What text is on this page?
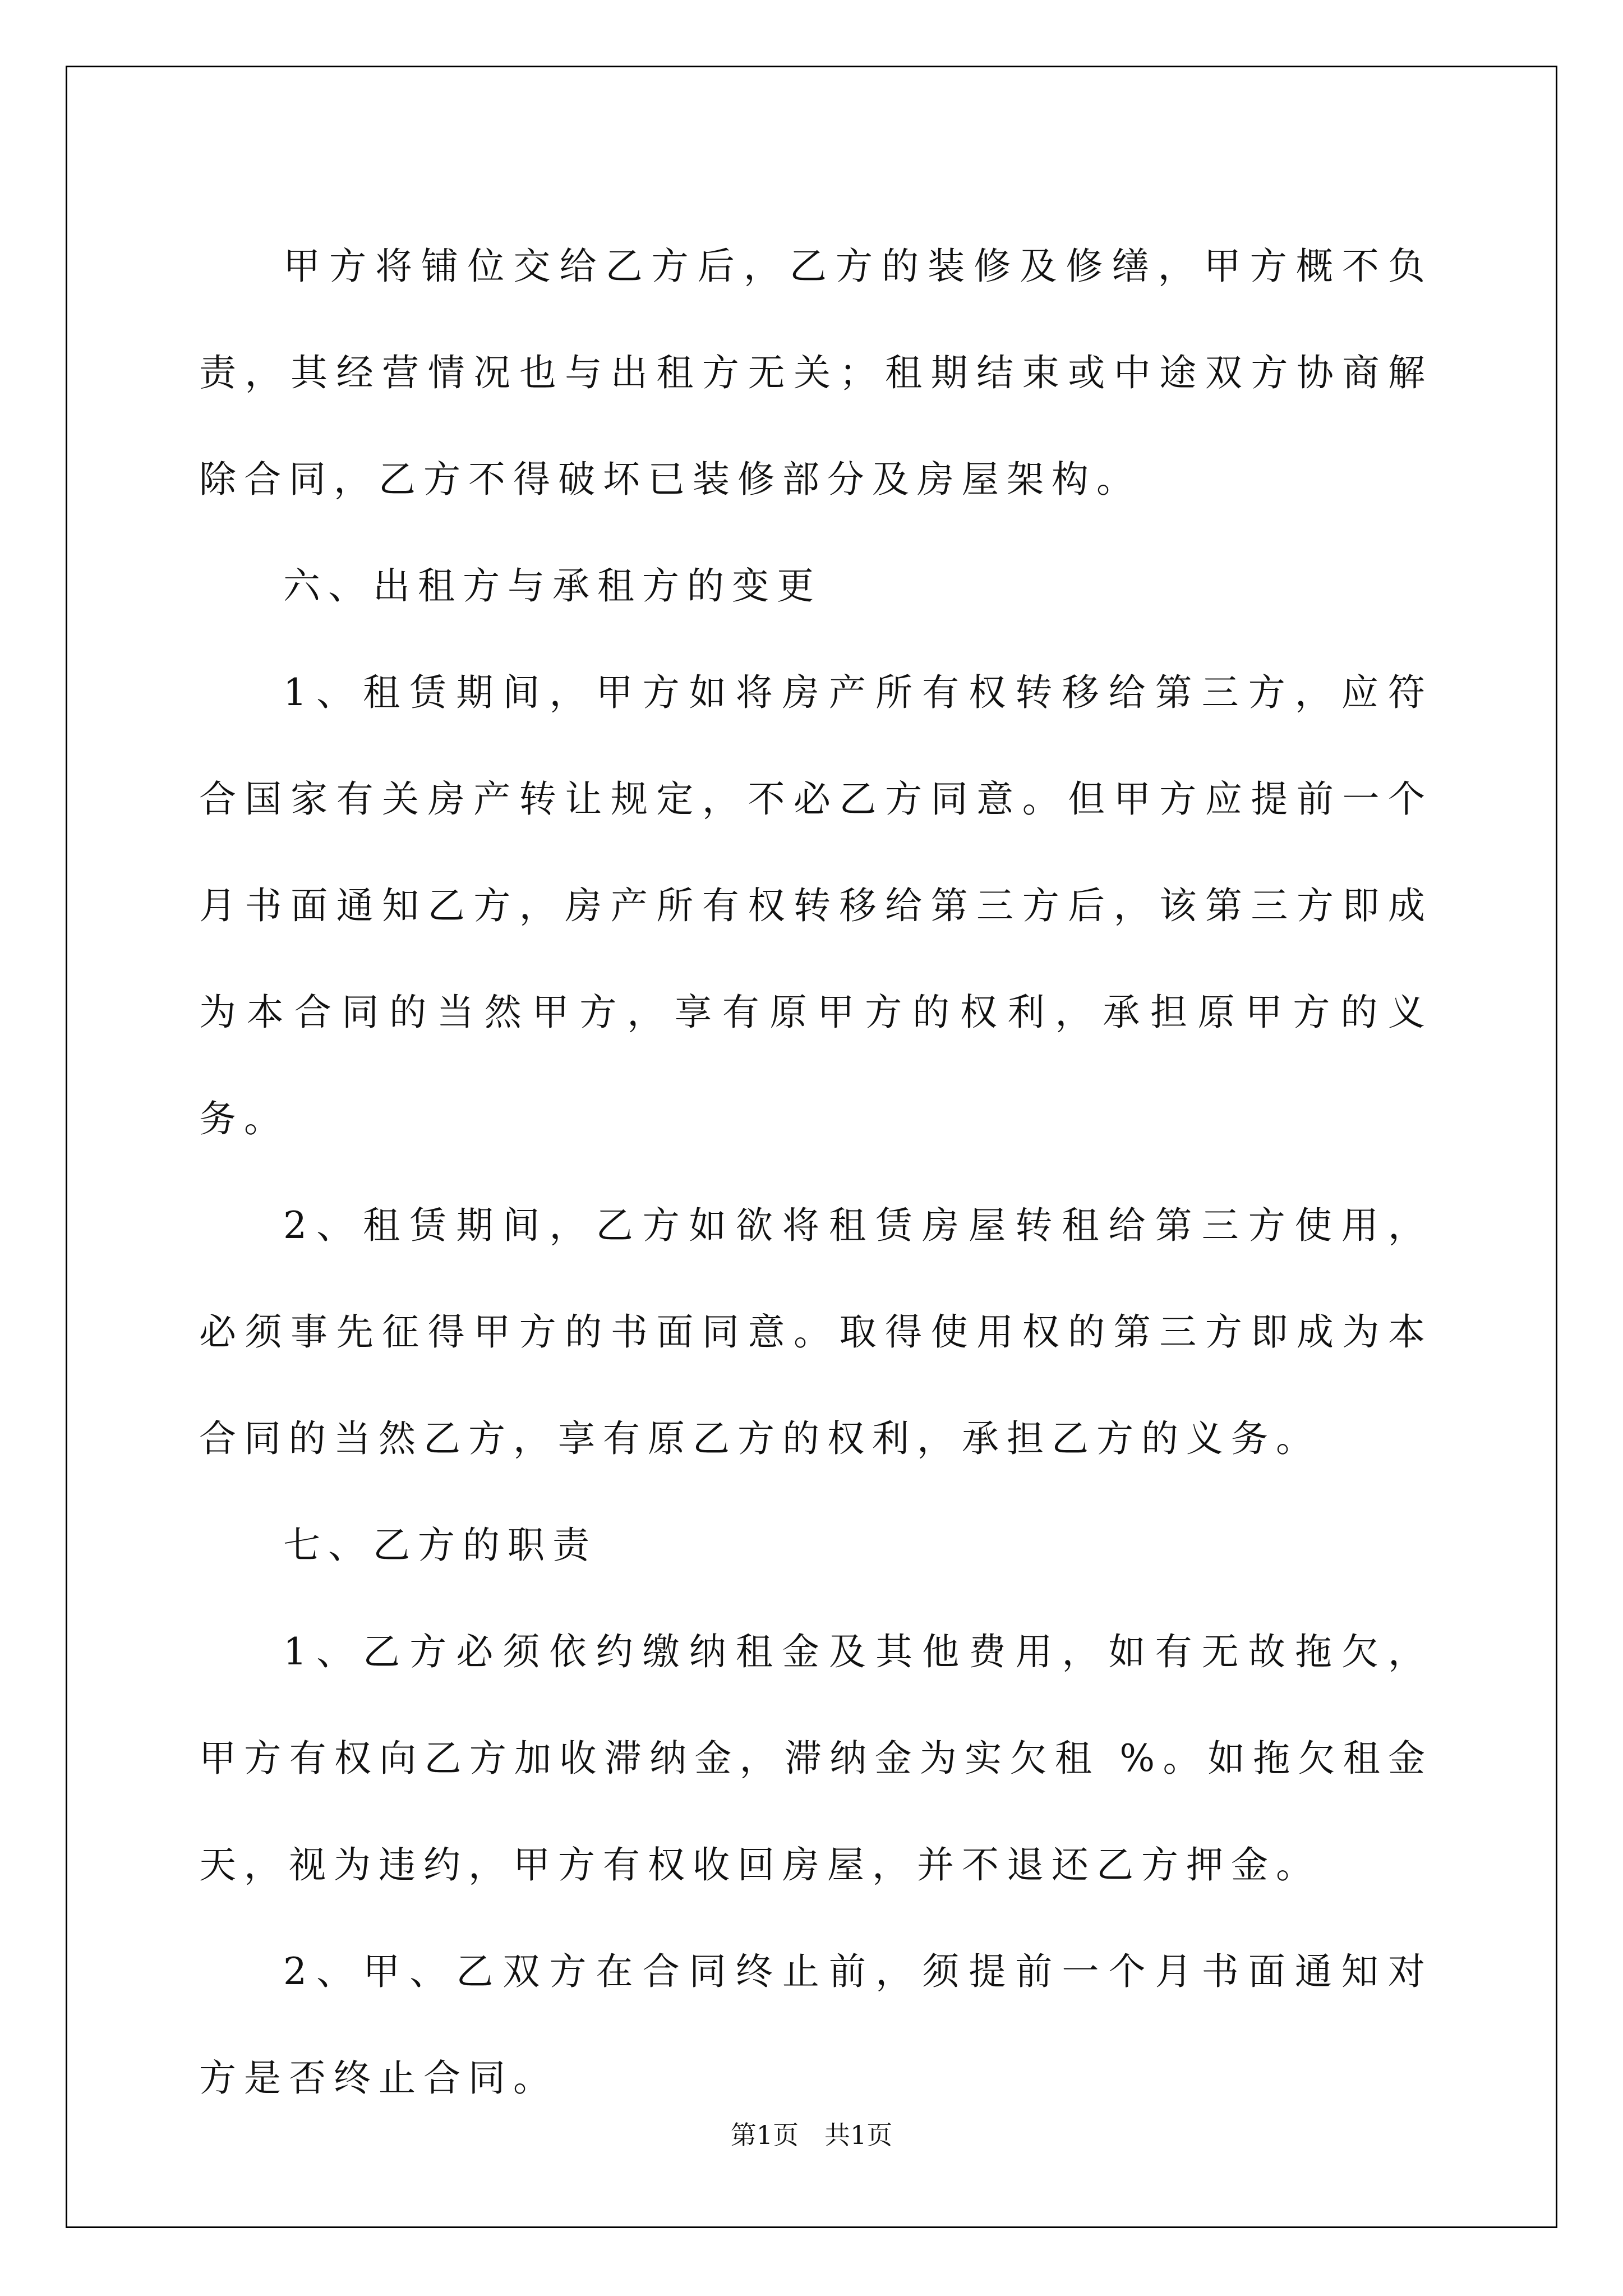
甲方将铺位交给乙方后，乙方的装修及修缮，甲方概不负责，其经营情况也与出租方无关；租期结束或中途双方协商解除合同，乙方不得破坏已装修部分及房屋架构。

六、出租方与承租方的变更

1、租赁期间，甲方如将房产所有权转移给第三方，应符合国家有关房产转让规定，不必乙方同意。但甲方应提前一个月书面通知乙方，房产所有权转移给第三方后，该第三方即成为本合同的当然甲方，享有原甲方的权利，承担原甲方的义务。

2、租赁期间，乙方如欲将租赁房屋转租给第三方使用，必须事先征得甲方的书面同意。取得使用权的第三方即成为本合同的当然乙方，享有原乙方的权利，承担乙方的义务。

七、乙方的职责

1、乙方必须依约缴纳租金及其他费用，如有无故拖欠，甲方有权向乙方加收滞纳金，滞纳金为实欠租 %。如拖欠租金 天，视为违约，甲方有权收回房屋，并不退还乙方押金。

2、甲、乙双方在合同终止前，须提前一个月书面通知对方是否终止合同。

第1页　共1页
